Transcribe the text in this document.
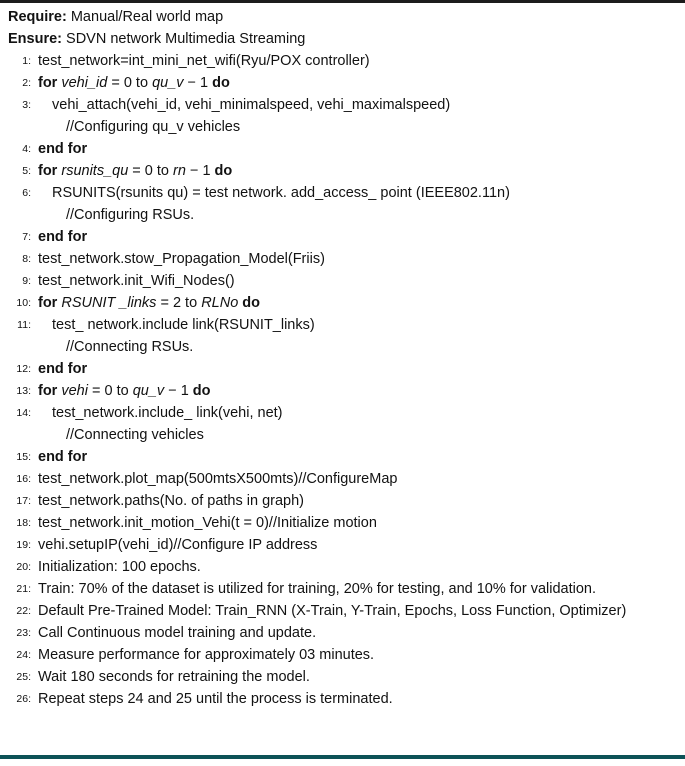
Require: Manual/Real world map
Ensure: SDVN network Multimedia Streaming
1: test_network=int_mini_net_wifi(Ryu/POX controller)
2: for vehi_id = 0 to qu_v − 1 do
3:	vehi_attach(vehi_id, vehi_minimalspeed, vehi_maximalspeed)
//Configuring qu_v vehicles
4: end for
5: for rsunits_qu = 0 to rn − 1 do
6:	RSUNITS(rsunits qu) = test network. add_access_ point (IEEE802.11n)
//Configuring RSUs.
7: end for
8: test_network.stow_Propagation_Model(Friis)
9: test_network.init_Wifi_Nodes()
10: for RSUNIT _links = 2 to RLNo do
11:	test_ network.include link(RSUNIT_links)
//Connecting RSUs.
12: end for
13: for vehi = 0 to qu_v − 1 do
14:	test_network.include_ link(vehi, net)
//Connecting vehicles
15: end for
16: test_network.plot_map(500mtsX500mts)//ConfigureMap
17: test_network.paths(No. of paths in graph)
18: test_network.init_motion_Vehi(t = 0)//Initialize motion
19: vehi.setupIP(vehi_id)//Configure IP address
20: Initialization: 100 epochs.
21: Train: 70% of the dataset is utilized for training, 20% for testing, and 10% for validation.
22: Default Pre-Trained Model: Train_RNN (X-Train, Y-Train, Epochs, Loss Function, Optimizer)
23: Call Continuous model training and update.
24: Measure performance for approximately 03 minutes.
25: Wait 180 seconds for retraining the model.
26: Repeat steps 24 and 25 until the process is terminated.
